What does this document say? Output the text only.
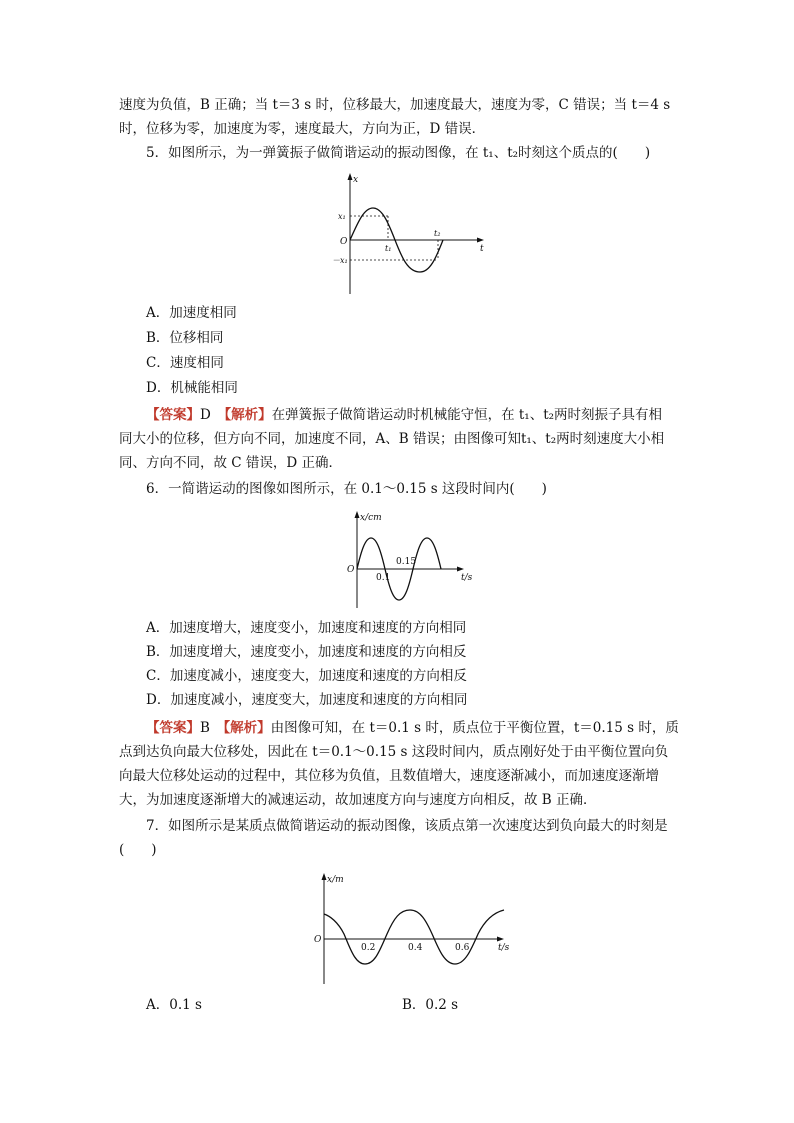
速度为负值，B 正确；当 t＝3 s 时，位移最大，加速度最大，速度为零，C 错误；当 t＝4 s
时，位移为零，加速度为零，速度最大，方向为正，D 错误．
5．如图所示，为一弹簧振子做简谐运动的振动图像，在 t₁、t₂时刻这个质点的(　　)
x
t
O
x₁
－x₁
t₁
t₂
A．加速度相同
B．位移相同
C．速度相同
D．机械能相同
【答案】D　 【解析】在弹簧振子做简谐运动时机械能守恒，在 t₁、t₂两时刻振子具有相
同大小的位移，但方向不同，加速度不同，A、B 错误；由图像可知t₁、t₂两时刻速度大小相
同、方向不同，故 C 错误，D 正确．
6．一简谐运动的图像如图所示，在 0.1～0.15 s 这段时间内(　　)
x/cm
t/s
O
0.1
0.15
A．加速度增大，速度变小，加速度和速度的方向相同
B．加速度增大，速度变小，加速度和速度的方向相反
C．加速度减小，速度变大，加速度和速度的方向相反
D．加速度减小，速度变大，加速度和速度的方向相同
【答案】B　 【解析】由图像可知，在 t＝0.1 s 时，质点位于平衡位置，t＝0.15 s 时，质
点到达负向最大位移处，因此在 t＝0.1～0.15 s 这段时间内，质点刚好处于由平衡位置向负
向最大位移处运动的过程中，其位移为负值，且数值增大，速度逐渐减小，而加速度逐渐增
大，为加速度逐渐增大的减速运动，故加速度方向与速度方向相反，故 B 正确．
7．如图所示是某质点做简谐运动的振动图像，该质点第一次速度达到负向最大的时刻是
(　　)
x/m
t/s
O
0.2	0.4	0.6
A．0.1 s	B．0.2 s
